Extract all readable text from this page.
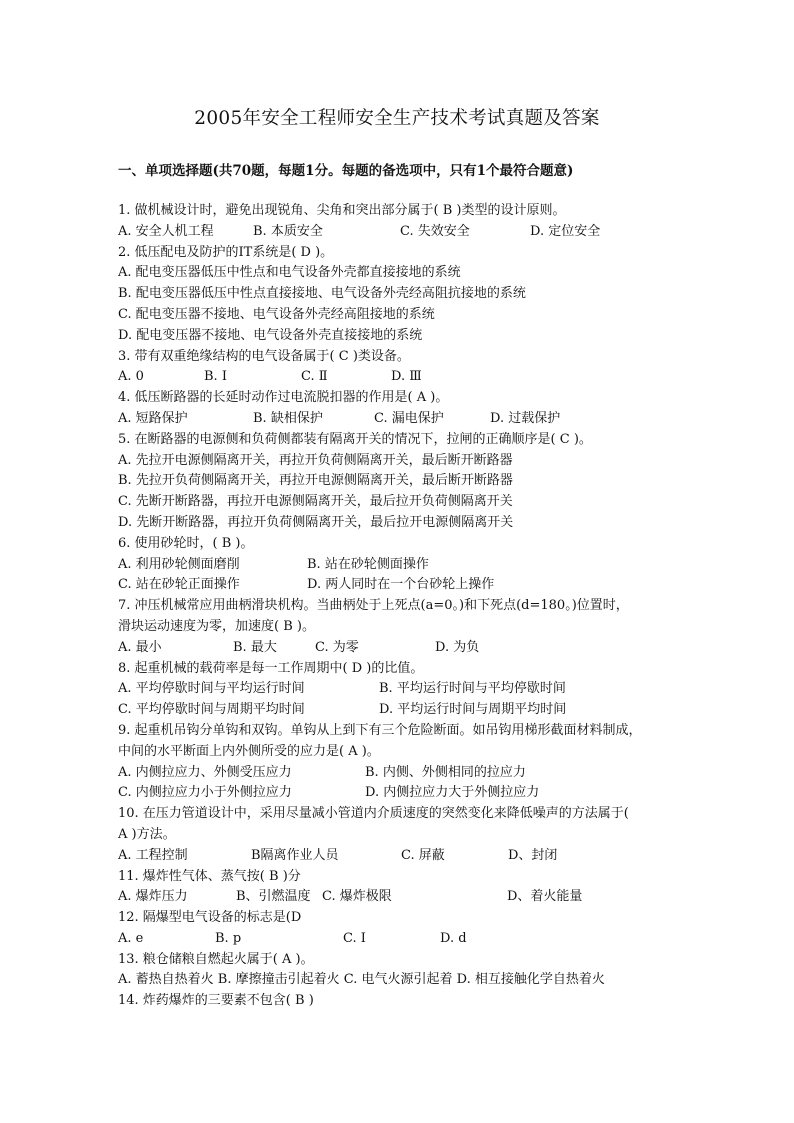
2005年安全工程师安全生产技术考试真题及答案
一、单项选择题(共70题，每题1分。每题的备选项中，只有1个最符合题意)
1. 做机械设计时，避免出现锐角、尖角和突出部分属于( B )类型的设计原则。
A. 安全人机工程	B. 本质安全	C. 失效安全	D. 定位安全
2. 低压配电及防护的IT系统是( D )。
A. 配电变压器低压中性点和电气设备外壳都直接接地的系统
B. 配电变压器低压中性点直接接地、电气设备外壳经高阻抗接地的系统
C. 配电变压器不接地、电气设备外壳经高阻接地的系统
D. 配电变压器不接地、电气设备外壳直接接地的系统
3. 带有双重绝缘结构的电气设备属于( C )类设备。
A. 0	B. I	C. Ⅱ	D. Ⅲ
4. 低压断路器的长延时动作过电流脱扣器的作用是( A )。
A. 短路保护	B. 缺相保护	C. 漏电保护	D. 过载保护
5. 在断路器的电源侧和负荷侧都装有隔离开关的情况下，拉闸的正确顺序是( C )。
A. 先拉开电源侧隔离开关，再拉开负荷侧隔离开关，最后断开断路器
B. 先拉开负荷侧隔离开关，再拉开电源侧隔离开关，最后断开断路器
C. 先断开断路器，再拉开电源侧隔离开关，最后拉开负荷侧隔离开关
D. 先断开断路器，再拉开负荷侧隔离开关，最后拉开电源侧隔离开关
6. 使用砂轮时，( B )。
A. 利用砂轮侧面磨削	B. 站在砂轮侧面操作
C. 站在砂轮正面操作	D. 两人同时在一个台砂轮上操作
7. 冲压机械常应用曲柄滑块机构。当曲柄处于上死点(a=0。)和下死点(d=180。)位置时，
滑块运动速度为零，加速度( B )。
A. 最小	B. 最大	C. 为零	D. 为负
8. 起重机械的载荷率是每一工作周期中( D )的比值。
A. 平均停歇时间与平均运行时间	B. 平均运行时间与平均停歇时间
C. 平均停歇时间与周期平均时间	D. 平均运行时间与周期平均时间
9. 起重机吊钩分单钩和双钩。单钩从上到下有三个危险断面。如吊钩用梯形截面材料制成，
中间的水平断面上内外侧所受的应力是( A )。
A. 内侧拉应力、外侧受压应力	B. 内侧、外侧相同的拉应力
C. 内侧拉应力小于外侧拉应力	D. 内侧拉应力大于外侧拉应力
10. 在压力管道设计中，采用尽量减小管道内介质速度的突然变化来降低噪声的方法属于(
A )方法。
A. 工程控制	B隔离作业人员	C. 屏蔽	D、封闭
11. 爆炸性气体、蒸气按( B )分
A. 爆炸压力	B、引燃温度 C. 爆炸极限	D、着火能量
12. 隔爆型电气设备的标志是(D
A. e	B. p	C. I	D. d
13. 粮仓储粮自燃起火属于( A )。
A. 蓄热自热着火 B. 摩擦撞击引起着火 C. 电气火源引起着 D. 相互接触化学自热着火
14. 炸药爆炸的三要素不包含( B )
